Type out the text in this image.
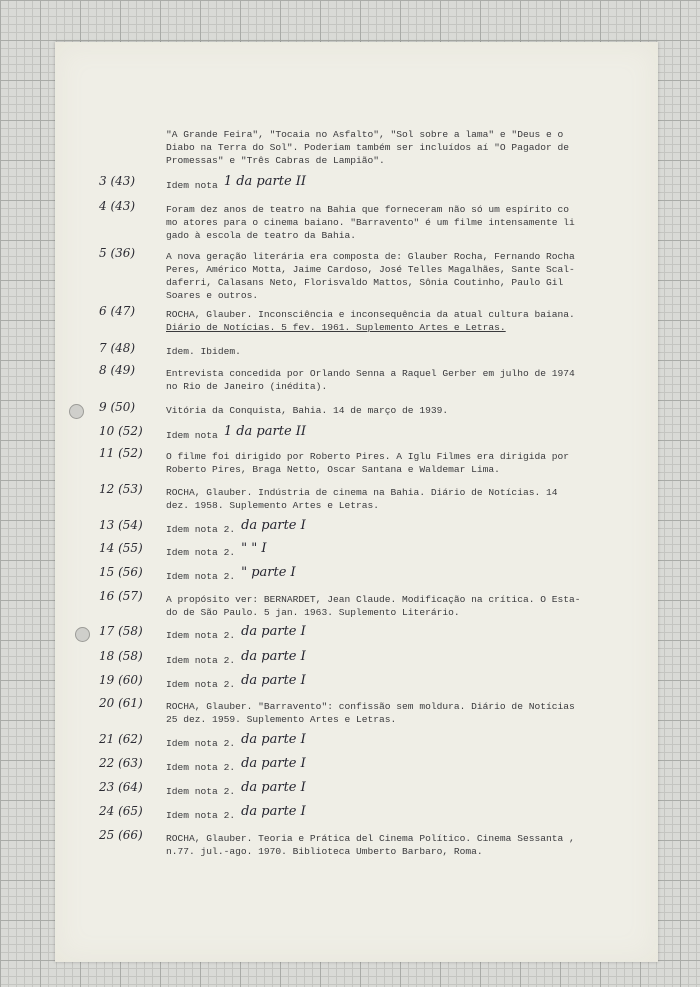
"A Grande Feira", "Tocaia no Asfalto", "Sol sobre a lama" e "Deus e o
Diabo na Terra do Sol". Poderiam também ser incluídos aí "O Pagador de
Promessas" e "Três Cabras de Lampião".
3 (43)	Idem nota 1 da parte II
4 (43)	Foram dez anos de teatro na Bahia que forneceram não só um espírito co
mo atores para o cinema baiano. "Barravento" é um filme intensamente li
gado à escola de teatro da Bahia.
5 (36)	A nova geração literária era composta de: Glauber Rocha, Fernando Rocha
Peres, Américo Motta, Jaime Cardoso, José Telles Magalhães, Sante Scal-
daferri, Calasans Neto, Florisvaldo Mattos, Sônia Coutinho, Paulo Gil
Soares e outros.
6 (47)	ROCHA, Glauber. Inconsciência e inconsequência da atual cultura baiana.
Diário de Notícias. 5 fev. 1961. Suplemento Artes e Letras.
7 (48)	Idem. Ibidem.
8 (49)	Entrevista concedida por Orlando Senna a Raquel Gerber em julho de 1974
no Rio de Janeiro (inédita).
9 (50)	Vitória da Conquista, Bahia. 14 de março de 1939.
10 (52)	Idem nota 1 da parte II
11 (52)	O filme foi dirigido por Roberto Pires. A Iglu Filmes era dirigida por
Roberto Pires, Braga Netto, Oscar Santana e Waldemar Lima.
12 (53)	ROCHA, Glauber. Indústria de cinema na Bahia. Diário de Notícias. 14
dez. 1958. Suplemento Artes e Letras.
13 (54)	Idem nota 2. da parte I
14 (55)	Idem nota 2. " " I
15 (56)	Idem nota 2. " parte I
16 (57)	A propósito ver: BERNARDET, Jean Claude. Modificação na crítica. O Esta-
do de São Paulo. 5 jan. 1963. Suplemento Literário.
17 (58)	Idem nota 2. da parte I
18 (58)	Idem nota 2. da parte I
19 (60)	Idem nota 2. da parte I
20 (61)	ROCHA, Glauber. "Barravento": confissão sem moldura. Diário de Notícias
25 dez. 1959. Suplemento Artes e Letras.
21 (62)	Idem nota 2. da parte I
22 (63)	Idem nota 2. da parte I
23 (64)	Idem nota 2. da parte I
24 (65)	Idem nota 2. da parte I
25 (66)	ROCHA, Glauber. Teoria e Prática del Cinema Político. Cinema Sessanta ,
n.77. jul.-ago. 1970. Biblioteca Umberto Barbaro, Roma.
